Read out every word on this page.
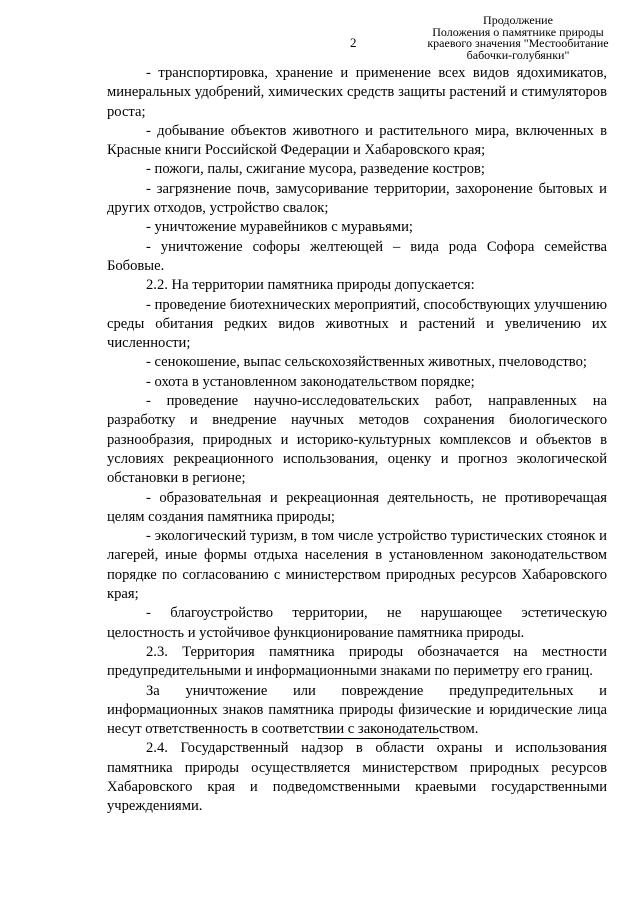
2
Продолжение
Положения о памятнике природы
краевого значения "Местообитание
бабочки-голубянки"

- транспортировка, хранение и применение всех видов ядохимикатов, минеральных удобрений, химических средств защиты растений и стимуляторов роста;

- добывание объектов животного и растительного мира, включенных в Красные книги Российской Федерации и Хабаровского края;

- пожоги, палы, сжигание мусора, разведение костров;

- загрязнение почв, замусоривание территории, захоронение бытовых и других отходов, устройство свалок;

- уничтожение муравейников с муравьями;

- уничтожение софоры желтеющей – вида рода Софора семейства Бобовые.

2.2. На территории памятника природы допускается:

- проведение биотехнических мероприятий, способствующих улучшению среды обитания редких видов животных и растений и увеличению их численности;

- сенокошение, выпас сельскохозяйственных животных, пчеловодство;

- охота в установленном законодательством порядке;

- проведение научно-исследовательских работ, направленных на разработку и внедрение научных методов сохранения биологического разнообразия, природных и историко-культурных комплексов и объектов в условиях рекреационного использования, оценку и прогноз экологической обстановки в регионе;

- образовательная и рекреационная деятельность, не противоречащая целям создания памятника природы;

- экологический туризм, в том числе устройство туристических стоянок и лагерей, иные формы отдыха населения в установленном законодательством порядке по согласованию с министерством природных ресурсов Хабаровского края;

- благоустройство территории, не нарушающее эстетическую целостность и устойчивое функционирование памятника природы.

2.3. Территория памятника природы обозначается на местности предупредительными и информационными знаками по периметру его границ.

За уничтожение или повреждение предупредительных и информационных знаков памятника природы физические и юридические лица несут ответственность в соответствии с законодательством.

2.4. Государственный надзор в области охраны и использования памятника природы осуществляется министерством природных ресурсов Хабаровского края и подведомственными краевыми государственными учреждениями.
